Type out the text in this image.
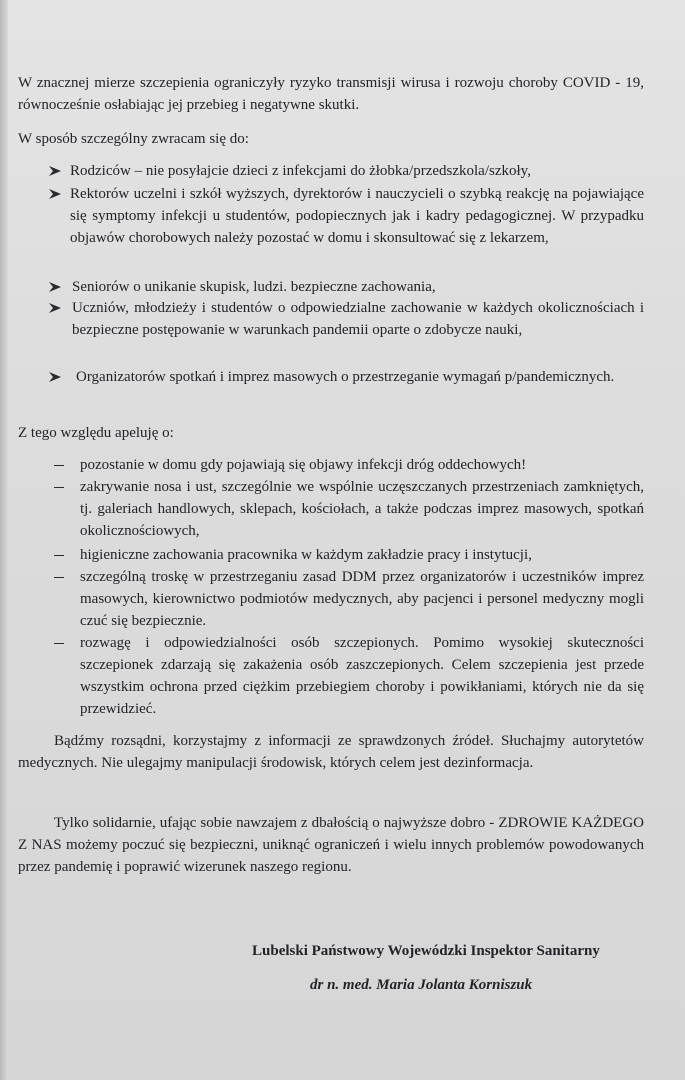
W znacznej mierze szczepienia ograniczyły ryzyko transmisji wirusa i rozwoju choroby COVID - 19, równocześnie osłabiając jej przebieg i negatywne skutki.

W sposób szczególny zwracam się do:

Rodziców – nie posyłajcie dzieci z infekcjami do żłobka/przedszkola/szkoły,
Rektorów uczelni i szkół wyższych, dyrektorów i nauczycieli o szybką reakcję na pojawiające się symptomy infekcji u studentów, podopiecznych jak i kadry pedagogicznej. W przypadku objawów chorobowych należy pozostać w domu i skonsultować się z lekarzem,
Seniorów o unikanie skupisk, ludzi. bezpieczne zachowania,
Uczniów, młodzieży i studentów o odpowiedzialne zachowanie w każdych okolicznościach i bezpieczne postępowanie w warunkach pandemii oparte o zdobycze nauki,
Organizatorów spotkań i imprez masowych o przestrzeganie wymagań p/pandemicznych.

Z tego względu apeluję o:

pozostanie w domu gdy pojawiają się objawy infekcji dróg oddechowych!
zakrywanie nosa i ust, szczególnie we wspólnie uczęszczanych przestrzeniach zamkniętych, tj. galeriach handlowych, sklepach, kościołach, a także podczas imprez masowych, spotkań okolicznościowych,
higieniczne zachowania pracownika w każdym zakładzie pracy i instytucji,
szczególną troskę w przestrzeganiu zasad DDM przez organizatorów i uczestników imprez masowych, kierownictwo podmiotów medycznych, aby pacjenci i personel medyczny mogli czuć się bezpiecznie.
rozwagę i odpowiedzialności osób szczepionych. Pomimo wysokiej skuteczności szczepionek zdarzają się zakażenia osób zaszczepionych. Celem szczepienia jest przede wszystkim ochrona przed ciężkim przebiegiem choroby i powikłaniami, których nie da się przewidzieć.

Bądźmy rozsądni, korzystajmy z informacji ze sprawdzonych źródeł. Słuchajmy autorytetów medycznych. Nie ulegajmy manipulacji środowisk, których celem jest dezinformacja.

Tylko solidarnie, ufając sobie nawzajem z dbałością o najwyższe dobro - ZDROWIE KAŻDEGO Z NAS możemy poczuć się bezpieczni, uniknąć ograniczeń i wielu innych problemów powodowanych przez pandemię i poprawić wizerunek naszego regionu.

Lubelski Państwowy Wojewódzki Inspektor Sanitarny

dr n. med. Maria Jolanta Korniszuk
